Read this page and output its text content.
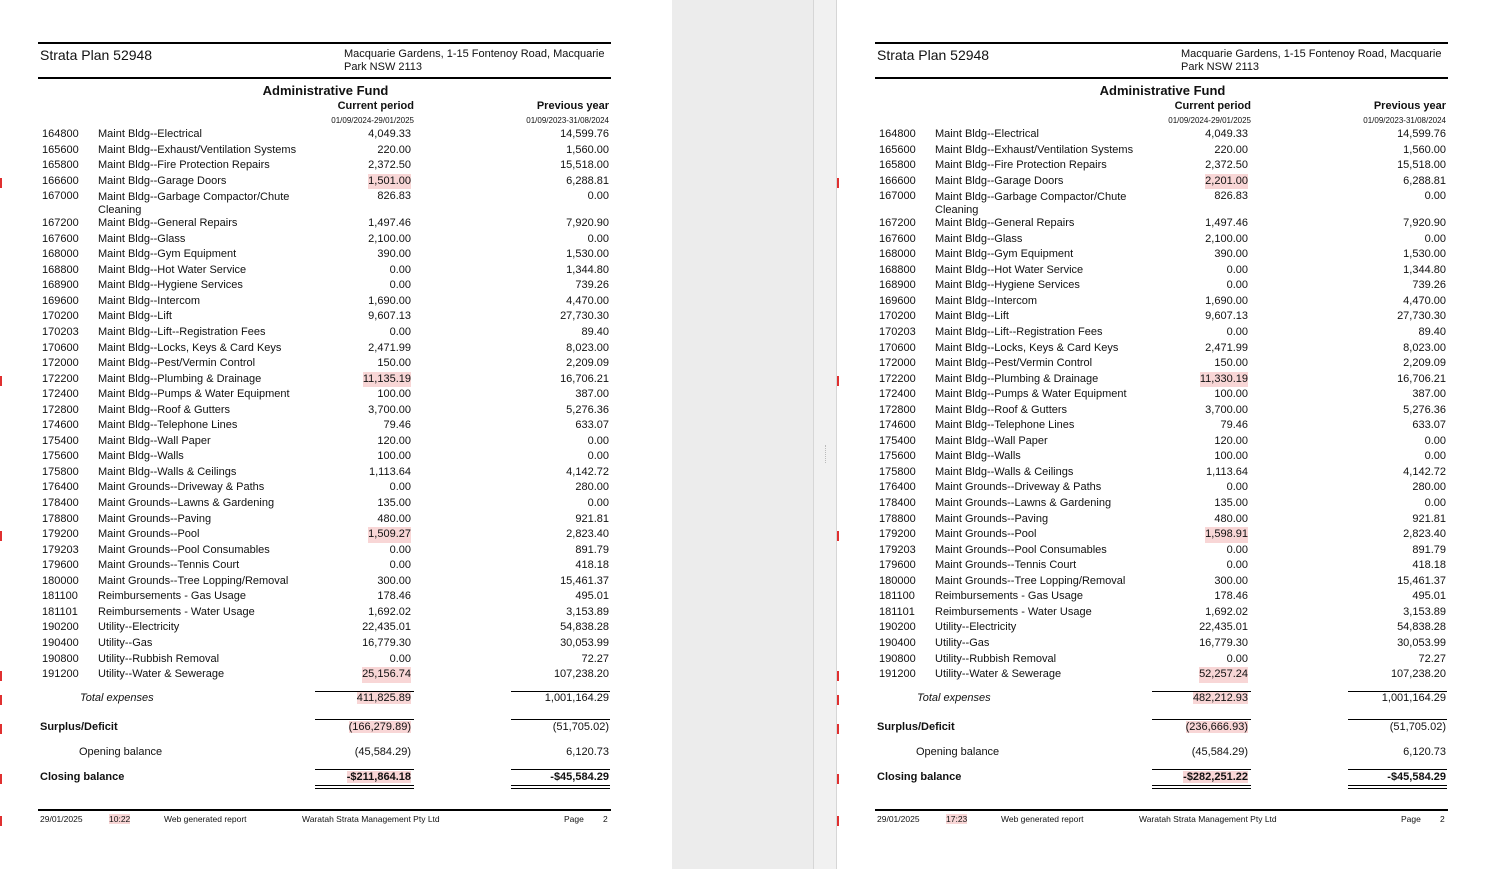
Strata Plan 52948	Macquarie Gardens, 1-15 Fontenoy Road, Macquarie Park NSW 2113
Administrative Fund
Current period
01/09/2024-29/01/2025
Previous year
01/09/2023-31/08/2024
164800 Maint Bldg--Electrical	4,049.33	14,599.76
165600 Maint Bldg--Exhaust/Ventilation Systems	220.00	1,560.00
165800 Maint Bldg--Fire Protection Repairs	2,372.50	15,518.00
166600 Maint Bldg--Garage Doors	1,501.00	6,288.81
167000 Maint Bldg--Garbage Compactor/Chute Cleaning
826.83	0.00
167200 Maint Bldg--General Repairs	1,497.46	7,920.90
167600 Maint Bldg--Glass	2,100.00	0.00
168000 Maint Bldg--Gym Equipment	390.00	1,530.00
168800 Maint Bldg--Hot Water Service	0.00	1,344.80
168900 Maint Bldg--Hygiene Services	0.00	739.26
169600 Maint Bldg--Intercom	1,690.00	4,470.00
170200 Maint Bldg--Lift	9,607.13	27,730.30
170203 Maint Bldg--Lift--Registration Fees	0.00	89.40
170600 Maint Bldg--Locks, Keys & Card Keys	2,471.99	8,023.00
172000 Maint Bldg--Pest/Vermin Control	150.00	2,209.09
172200 Maint Bldg--Plumbing & Drainage	11,135.19	16,706.21
172400 Maint Bldg--Pumps & Water Equipment	100.00	387.00
172800 Maint Bldg--Roof & Gutters	3,700.00	5,276.36
174600 Maint Bldg--Telephone Lines	79.46	633.07
175400 Maint Bldg--Wall Paper	120.00	0.00
175600 Maint Bldg--Walls	100.00	0.00
175800 Maint Bldg--Walls & Ceilings	1,113.64	4,142.72
176400 Maint Grounds--Driveway & Paths	0.00	280.00
178400 Maint Grounds--Lawns & Gardening	135.00	0.00
178800 Maint Grounds--Paving	480.00	921.81
179200 Maint Grounds--Pool	1,509.27	2,823.40
179203 Maint Grounds--Pool Consumables	0.00	891.79
179600 Maint Grounds--Tennis Court	0.00	418.18
180000 Maint Grounds--Tree Lopping/Removal	300.00	15,461.37
181100 Reimbursements - Gas Usage	178.46	495.01
181101 Reimbursements - Water Usage	1,692.02	3,153.89
190200 Utility--Electricity	22,435.01	54,838.28
190400 Utility--Gas	16,779.30	30,053.99
190800 Utility--Rubbish Removal	0.00	72.27
191200 Utility--Water & Sewerage	25,156.74	107,238.20
Total expenses	411,825.89	1,001,164.29
Surplus/Deficit	(166,279.89)	(51,705.02)
Opening balance	(45,584.29)	6,120.73
Closing balance	-$211,864.18	-$45,584.29
29/01/2025	10:22	Web generated report	Waratah Strata Management Pty Ltd	Page 2
Strata Plan 52948	Macquarie Gardens, 1-15 Fontenoy Road, Macquarie Park NSW 2113
Administrative Fund
Current period
01/09/2024-29/01/2025
Previous year
01/09/2023-31/08/2024
164800 Maint Bldg--Electrical	4,049.33	14,599.76
165600 Maint Bldg--Exhaust/Ventilation Systems	220.00	1,560.00
165800 Maint Bldg--Fire Protection Repairs	2,372.50	15,518.00
166600 Maint Bldg--Garage Doors	2,201.00	6,288.81
167000 Maint Bldg--Garbage Compactor/Chute Cleaning
826.83	0.00
167200 Maint Bldg--General Repairs	1,497.46	7,920.90
167600 Maint Bldg--Glass	2,100.00	0.00
168000 Maint Bldg--Gym Equipment	390.00	1,530.00
168800 Maint Bldg--Hot Water Service	0.00	1,344.80
168900 Maint Bldg--Hygiene Services	0.00	739.26
169600 Maint Bldg--Intercom	1,690.00	4,470.00
170200 Maint Bldg--Lift	9,607.13	27,730.30
170203 Maint Bldg--Lift--Registration Fees	0.00	89.40
170600 Maint Bldg--Locks, Keys & Card Keys	2,471.99	8,023.00
172000 Maint Bldg--Pest/Vermin Control	150.00	2,209.09
172200 Maint Bldg--Plumbing & Drainage	11,330.19	16,706.21
172400 Maint Bldg--Pumps & Water Equipment	100.00	387.00
172800 Maint Bldg--Roof & Gutters	3,700.00	5,276.36
174600 Maint Bldg--Telephone Lines	79.46	633.07
175400 Maint Bldg--Wall Paper	120.00	0.00
175600 Maint Bldg--Walls	100.00	0.00
175800 Maint Bldg--Walls & Ceilings	1,113.64	4,142.72
176400 Maint Grounds--Driveway & Paths	0.00	280.00
178400 Maint Grounds--Lawns & Gardening	135.00	0.00
178800 Maint Grounds--Paving	480.00	921.81
179200 Maint Grounds--Pool	1,598.91	2,823.40
179203 Maint Grounds--Pool Consumables	0.00	891.79
179600 Maint Grounds--Tennis Court	0.00	418.18
180000 Maint Grounds--Tree Lopping/Removal	300.00	15,461.37
181100 Reimbursements - Gas Usage	178.46	495.01
181101 Reimbursements - Water Usage	1,692.02	3,153.89
190200 Utility--Electricity	22,435.01	54,838.28
190400 Utility--Gas	16,779.30	30,053.99
190800 Utility--Rubbish Removal	0.00	72.27
191200 Utility--Water & Sewerage	52,257.24	107,238.20
Total expenses	482,212.93	1,001,164.29
Surplus/Deficit	(236,666.93)	(51,705.02)
Opening balance	(45,584.29)	6,120.73
Closing balance	-$282,251.22	-$45,584.29
29/01/2025	17:23	Web generated report	Waratah Strata Management Pty Ltd	Page 2
